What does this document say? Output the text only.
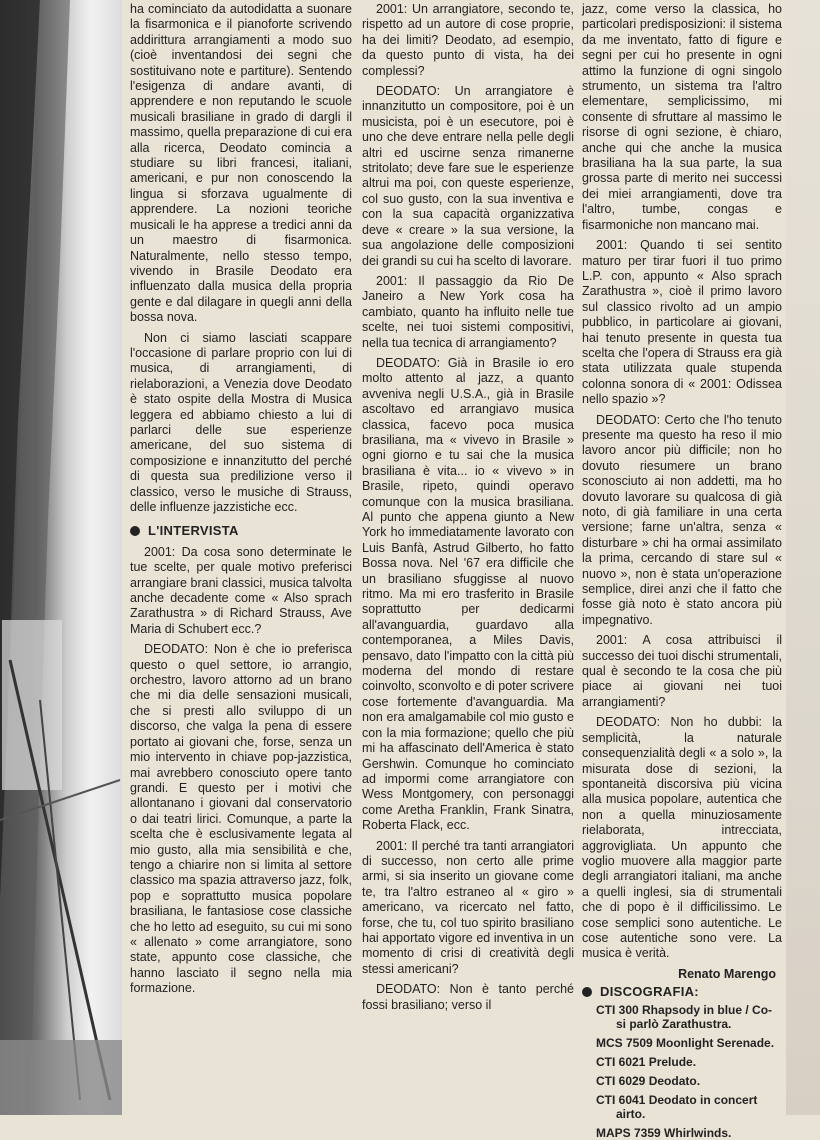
ha cominciato da autodidatta a suonare la fisarmonica e il pianoforte scrivendo addirittura arrangiamenti a modo suo (cioè inventandosi dei segni che sostituivano note e partiture). Sentendo l'esigenza di andare avanti, di apprendere e non reputando le scuole musicali brasiliane in grado di dargli il massimo, quella preparazione di cui era alla ricerca, Deodato comincia a studiare su libri francesi, italiani, americani, e pur non conoscendo la lingua si sforzava ugualmente di apprendere. La nozioni teoriche musicali le ha apprese a tredici anni da un maestro di fisarmonica. Naturalmente, nello stesso tempo, vivendo in Brasile Deodato era influenzato dalla musica della propria gente e dal dilagare in quegli anni della bossa nova.

Non ci siamo lasciati scappare l'occasione di parlare proprio con lui di musica, di arrangiamenti, di rielaborazioni, a Venezia dove Deodato è stato ospite della Mostra di Musica leggera ed abbiamo chiesto a lui di parlarci delle sue esperienze americane, del suo sistema di composizione e innanzitutto del perché di questa sua predilizione verso il classico, verso le musiche di Strauss, delle influenze jazzistiche ecc.

L'INTERVISTA

2001: Da cosa sono determinate le tue scelte, per quale motivo preferisci arrangiare brani classici, musica talvolta anche decadente come « Also sprach Zarathustra » di Richard Strauss, Ave Maria di Schubert ecc.?

DEODATO: Non è che io preferisca questo o quel settore, io arrangio, orchestro, lavoro attorno ad un brano che mi dia delle sensazioni musicali, che si presti allo sviluppo di un discorso, che valga la pena di essere portato ai giovani che, forse, senza un mio intervento in chiave pop-jazzistica, mai avrebbero conosciuto opere tanto grandi. E questo per i motivi che allontanano i giovani dal conservatorio o dai teatri lirici. Comunque, a parte la scelta che è esclusivamente legata al mio gusto, alla mia sensibilità e che, tengo a chiarire non si limita al settore classico ma spazia attraverso jazz, folk, pop e soprattutto musica popolare brasiliana, le fantasiose cose classiche che ho letto ad eseguito, su cui mi sono « allenato » come arrangiatore, sono state, appunto cose classiche, che hanno lasciato il segno nella mia formazione.

2001: Un arrangiatore, secondo te, rispetto ad un autore di cose proprie, ha dei limiti? Deodato, ad esempio, da questo punto di vista, ha dei complessi?

DEODATO: Un arrangiatore è innanzitutto un compositore, poi è un musicista, poi è un esecutore, poi è uno che deve entrare nella pelle degli altri ed uscirne senza rimanerne stritolato; deve fare sue le esperienze altrui ma poi, con queste esperienze, col suo gusto, con la sua inventiva e con la sua capacità organizzativa deve « creare » la sua versione, la sua angolazione delle composizioni dei grandi su cui ha scelto di lavorare.

2001: Il passaggio da Rio De Janeiro a New York cosa ha cambiato, quanto ha influito nelle tue scelte, nei tuoi sistemi compositivi, nella tua tecnica di arrangiamento?

DEODATO: Già in Brasile io ero molto attento al jazz, a quanto avveniva negli U.S.A., già in Brasile ascoltavo ed arrangiavo musica classica, facevo poca musica brasiliana, ma « vivevo in Brasile » ogni giorno e tu sai che la musica brasiliana è vita... io « vivevo » in Brasile, ripeto, quindi operavo comunque con la musica brasiliana. Al punto che appena giunto a New York ho immediatamente lavorato con Luis Banfà, Astrud Gilberto, ho fatto Bossa nova. Nel '67 era difficile che un brasiliano sfuggisse al nuovo ritmo. Ma mi ero trasferito in Brasile soprattutto per dedicarmi all'avanguardia, guardavo alla contemporanea, a Miles Davis, pensavo, dato l'impatto con la città più moderna del mondo di restare coinvolto, sconvolto e di poter scrivere cose fortemente d'avanguardia. Ma non era amalgamabile col mio gusto e con la mia formazione; quello che più mi ha affascinato dell'America è stato Gershwin. Comunque ho cominciato ad impormi come arrangiatore con Wess Montgomery, con personaggi come Aretha Franklin, Frank Sinatra, Roberta Flack, ecc.

2001: Il perché tra tanti arrangiatori di successo, non certo alle prime armi, si sia inserito un giovane come te, tra l'altro estraneo al « giro » americano, va ricercato nel fatto, forse, che tu, col tuo spirito brasiliano hai apportato vigore ed inventiva in un momento di crisi di creatività degli stessi americani?

DEODATO: Non è tanto perché fossi brasiliano; verso il

jazz, come verso la classica, ho particolari predisposizioni: il sistema da me inventato, fatto di figure e segni per cui ho presente in ogni attimo la funzione di ogni singolo strumento, un sistema tra l'altro elementare, semplicissimo, mi consente di sfruttare al massimo le risorse di ogni sezione, è chiaro, anche qui che anche la musica brasiliana ha la sua parte, la sua grossa parte di merito nei successi dei miei arrangiamenti, dove tra l'altro, tumbe, congas e fisarmoniche non mancano mai.

2001: Quando ti sei sentito maturo per tirar fuori il tuo primo L.P. con, appunto « Also sprach Zarathustra », cioè il primo lavoro sul classico rivolto ad un ampio pubblico, in particolare ai giovani, hai tenuto presente in questa tua scelta che l'opera di Strauss era già stata utilizzata quale stupenda colonna sonora di « 2001: Odissea nello spazio »?

DEODATO: Certo che l'ho tenuto presente ma questo ha reso il mio lavoro ancor più difficile; non ho dovuto riesumere un brano sconosciuto ai non addetti, ma ho dovuto lavorare su qualcosa di già noto, di già familiare in una certa versione; farne un'altra, senza « disturbare » chi ha ormai assimilato la prima, cercando di stare sul « nuovo », non è stata un'operazione semplice, direi anzi che il fatto che fosse già noto è stato ancora più impegnativo.

2001: A cosa attribuisci il successo dei tuoi dischi strumentali, qual è secondo te la cosa che più piace ai giovani nei tuoi arrangiamenti?

DEODATO: Non ho dubbi: la semplicità, la naturale consequenzialità degli « a solo », la misurata dose di sezioni, la spontaneità discorsiva più vicina alla musica popolare, autentica che non a quella minuziosamente rielaborata, intrecciata, aggrovigliata. Un appunto che voglio muovere alla maggior parte degli arrangiatori italiani, ma anche a quelli inglesi, sia di strumentali che di popo è il difficilissimo. Le cose semplici sono autentiche. Le cose autentiche sono vere. La musica è verità.

Renato Marengo
DISCOGRAFIA:

CTI 300 Rhapsody in blue / Co-
si parlò Zarathustra.

MCS 7509 Moonlight Serenade.

CTI 6021 Prelude.

CTI 6029 Deodato.

CTI 6041 Deodato in concert
airto.

MAPS 7359 Whirlwinds.
